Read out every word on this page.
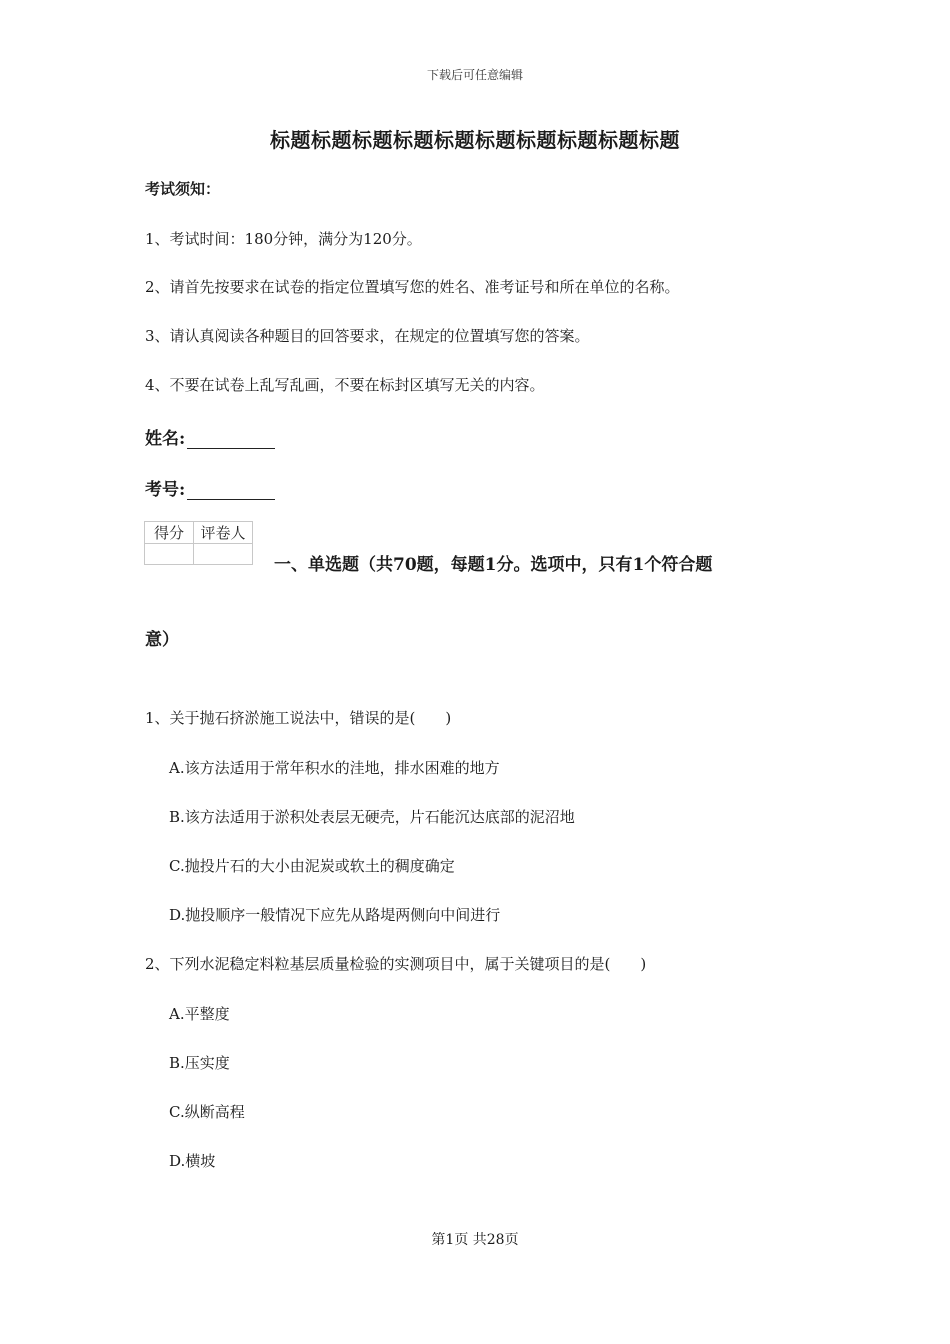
下载后可任意编辑
标题标题标题标题标题标题标题标题标题标题
考试须知：
1、考试时间：180分钟，满分为120分。
2、请首先按要求在试卷的指定位置填写您的姓名、准考证号和所在单位的名称。
3、请认真阅读各种题目的回答要求，在规定的位置填写您的答案。
4、不要在试卷上乱写乱画，不要在标封区填写无关的内容。
姓名:
考号:
得分	评卷人

一、单选题（共70题，每题1分。选项中，只有1个符合题
意）
1、关于抛石挤淤施工说法中，错误的是(　　)
A.该方法适用于常年积水的洼地，排水困难的地方
B.该方法适用于淤积处表层无硬壳，片石能沉达底部的泥沼地
C.抛投片石的大小由泥炭或软土的稠度确定
D.抛投顺序一般情况下应先从路堤两侧向中间进行
2、下列水泥稳定料粒基层质量检验的实测项目中，属于关键项目的是(　　)
A.平整度
B.压实度
C.纵断高程
D.横坡
第1页 共28页
